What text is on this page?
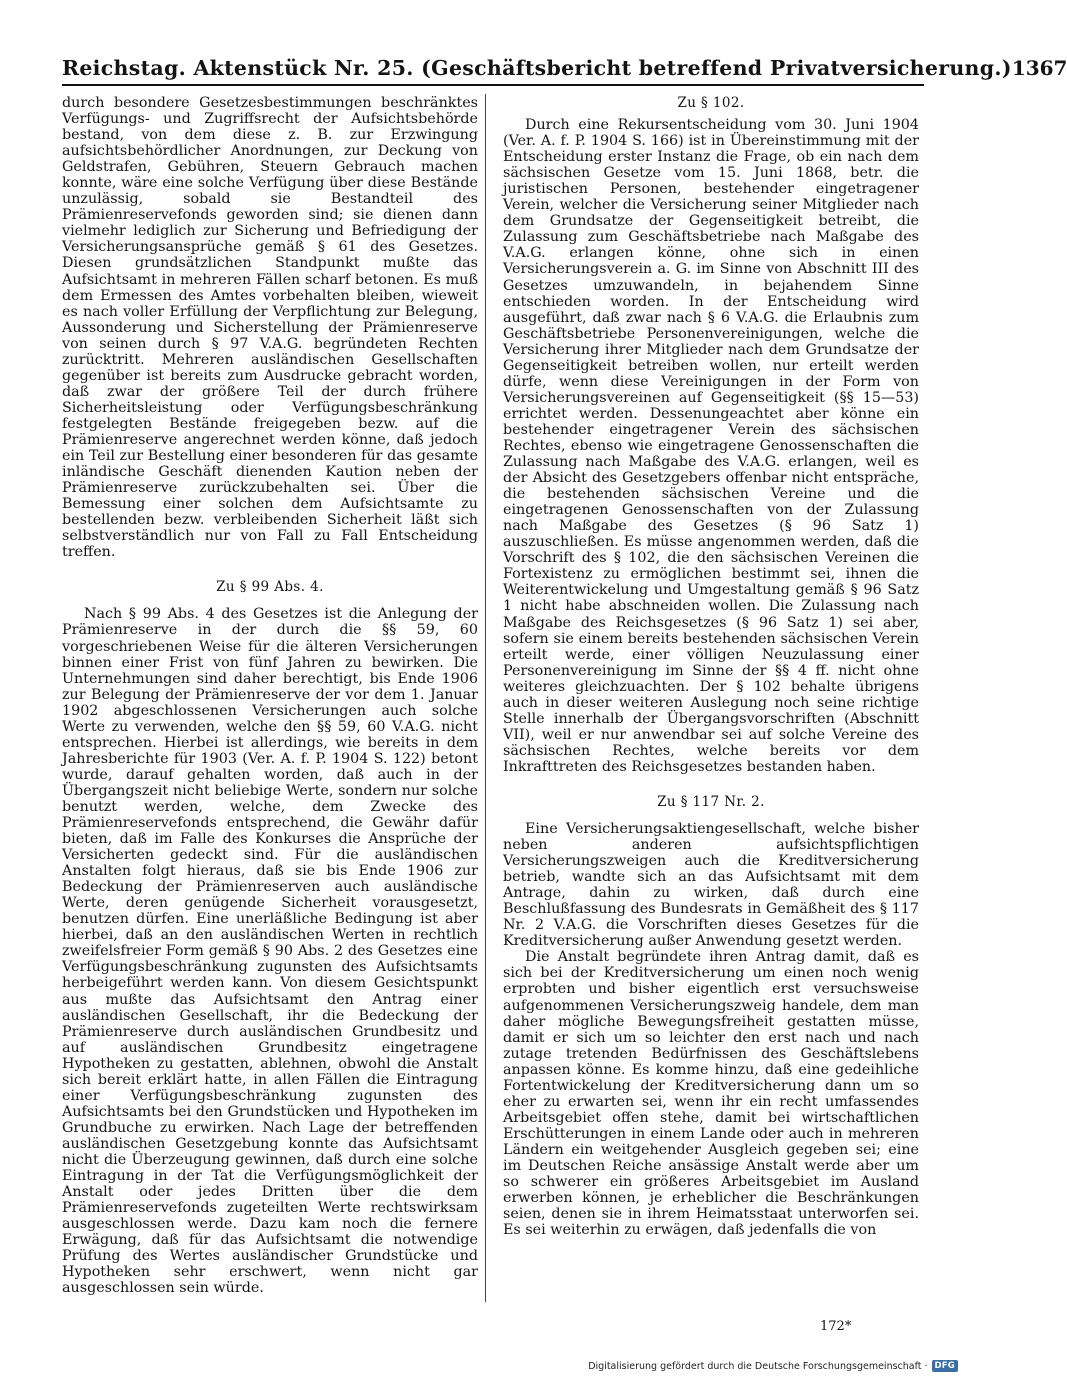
Reichstag. Aktenstück Nr. 25. (Geschäftsbericht betreffend Privatversicherung.) 1367

durch besondere Gesetzesbestimmungen beschränktes Verfügungs- und Zugriffsrecht der Aufsichtsbehörde bestand, von dem diese z. B. zur Erzwingung aufsichtsbehördlicher Anordnungen, zur Deckung von Geldstrafen, Gebühren, Steuern Gebrauch machen konnte, wäre eine solche Verfügung über diese Bestände unzulässig, sobald sie Bestandteil des Prämienreservefonds geworden sind; sie dienen dann vielmehr lediglich zur Sicherung und Befriedigung der Versicherungsansprüche gemäß § 61 des Gesetzes. Diesen grundsätzlichen Standpunkt mußte das Aufsichtsamt in mehreren Fällen scharf betonen. Es muß dem Ermessen des Amtes vorbehalten bleiben, wieweit es nach voller Erfüllung der Verpflichtung zur Belegung, Aussonderung und Sicherstellung der Prämienreserve von seinen durch § 97 V.A.G. begründeten Rechten zurücktritt. Mehreren ausländischen Gesellschaften gegenüber ist bereits zum Ausdrucke gebracht worden, daß zwar der größere Teil der durch frühere Sicherheitsleistung oder Verfügungsbeschränkung festgelegten Bestände freigegeben bezw. auf die Prämienreserve angerechnet werden könne, daß jedoch ein Teil zur Bestellung einer besonderen für das gesamte inländische Geschäft dienenden Kaution neben der Prämienreserve zurückzubehalten sei. Über die Bemessung einer solchen dem Aufsichtsamte zu bestellenden bezw. verbleibenden Sicherheit läßt sich selbstverständlich nur von Fall zu Fall Entscheidung treffen.

Zu § 99 Abs. 4.

Nach § 99 Abs. 4 des Gesetzes ist die Anlegung der Prämienreserve in der durch die §§ 59, 60 vorgeschriebenen Weise für die älteren Versicherungen binnen einer Frist von fünf Jahren zu bewirken. Die Unternehmungen sind daher berechtigt, bis Ende 1906 zur Belegung der Prämienreserve der vor dem 1. Januar 1902 abgeschlossenen Versicherungen auch solche Werte zu verwenden, welche den §§ 59, 60 V.A.G. nicht entsprechen. Hierbei ist allerdings, wie bereits in dem Jahresberichte für 1903 (Ver. A. f. P. 1904 S. 122) betont wurde, darauf gehalten worden, daß auch in der Übergangszeit nicht beliebige Werte, sondern nur solche benutzt werden, welche, dem Zwecke des Prämienreservefonds entsprechend, die Gewähr dafür bieten, daß im Falle des Konkurses die Ansprüche der Versicherten gedeckt sind. Für die ausländischen Anstalten folgt hieraus, daß sie bis Ende 1906 zur Bedeckung der Prämienreserven auch ausländische Werte, deren genügende Sicherheit vorausgesetzt, benutzen dürfen. Eine unerläßliche Bedingung ist aber hierbei, daß an den ausländischen Werten in rechtlich zweifelsfreier Form gemäß § 90 Abs. 2 des Gesetzes eine Verfügungsbeschränkung zugunsten des Aufsichtsamts herbeigeführt werden kann. Von diesem Gesichtspunkt aus mußte das Aufsichtsamt den Antrag einer ausländischen Gesellschaft, ihr die Bedeckung der Prämienreserve durch ausländischen Grundbesitz und auf ausländischen Grundbesitz eingetragene Hypotheken zu gestatten, ablehnen, obwohl die Anstalt sich bereit erklärt hatte, in allen Fällen die Eintragung einer Verfügungsbeschränkung zugunsten des Aufsichtsamts bei den Grundstücken und Hypotheken im Grundbuche zu erwirken. Nach Lage der betreffenden ausländischen Gesetzgebung konnte das Aufsichtsamt nicht die Überzeugung gewinnen, daß durch eine solche Eintragung in der Tat die Verfügungsmöglichkeit der Anstalt oder jedes Dritten über die dem Prämienreservefonds zugeteilten Werte rechtswirksam ausgeschlossen werde. Dazu kam noch die fernere Erwägung, daß für das Aufsichtsamt die notwendige Prüfung des Wertes ausländischer Grundstücke und Hypotheken sehr erschwert, wenn nicht gar ausgeschlossen sein würde.

Zu § 102.

Durch eine Rekursentscheidung vom 30. Juni 1904 (Ver. A. f. P. 1904 S. 166) ist in Übereinstimmung mit der Entscheidung erster Instanz die Frage, ob ein nach dem sächsischen Gesetze vom 15. Juni 1868, betr. die juristischen Personen, bestehender eingetragener Verein, welcher die Versicherung seiner Mitglieder nach dem Grundsatze der Gegenseitigkeit betreibt, die Zulassung zum Geschäftsbetriebe nach Maßgabe des V.A.G. erlangen könne, ohne sich in einen Versicherungsverein a. G. im Sinne von Abschnitt III des Gesetzes umzuwandeln, in bejahendem Sinne entschieden worden. In der Entscheidung wird ausgeführt, daß zwar nach § 6 V.A.G. die Erlaubnis zum Geschäftsbetriebe Personenvereinigungen, welche die Versicherung ihrer Mitglieder nach dem Grundsatze der Gegenseitigkeit betreiben wollen, nur erteilt werden dürfe, wenn diese Vereinigungen in der Form von Versicherungsvereinen auf Gegenseitigkeit (§§ 15—53) errichtet werden. Dessenungeachtet aber könne ein bestehender eingetragener Verein des sächsischen Rechtes, ebenso wie eingetragene Genossenschaften die Zulassung nach Maßgabe des V.A.G. erlangen, weil es der Absicht des Gesetzgebers offenbar nicht entspräche, die bestehenden sächsischen Vereine und die eingetragenen Genossenschaften von der Zulassung nach Maßgabe des Gesetzes (§ 96 Satz 1) auszuschließen. Es müsse angenommen werden, daß die Vorschrift des § 102, die den sächsischen Vereinen die Fortexistenz zu ermöglichen bestimmt sei, ihnen die Weiterentwickelung und Umgestaltung gemäß § 96 Satz 1 nicht habe abschneiden wollen. Die Zulassung nach Maßgabe des Reichsgesetzes (§ 96 Satz 1) sei aber, sofern sie einem bereits bestehenden sächsischen Verein erteilt werde, einer völligen Neuzulassung einer Personenvereinigung im Sinne der §§ 4 ff. nicht ohne weiteres gleichzuachten. Der § 102 behalte übrigens auch in dieser weiteren Auslegung noch seine richtige Stelle innerhalb der Übergangsvorschriften (Abschnitt VII), weil er nur anwendbar sei auf solche Vereine des sächsischen Rechtes, welche bereits vor dem Inkrafttreten des Reichsgesetzes bestanden haben.

Zu § 117 Nr. 2.

Eine Versicherungsaktiengesellschaft, welche bisher neben anderen aufsichtspflichtigen Versicherungszweigen auch die Kreditversicherung betrieb, wandte sich an das Aufsichtsamt mit dem Antrage, dahin zu wirken, daß durch eine Beschlußfassung des Bundesrats in Gemäßheit des § 117 Nr. 2 V.A.G. die Vorschriften dieses Gesetzes für die Kreditversicherung außer Anwendung gesetzt werden.

Die Anstalt begründete ihren Antrag damit, daß es sich bei der Kreditversicherung um einen noch wenig erprobten und bisher eigentlich erst versuchsweise aufgenommenen Versicherungszweig handele, dem man daher mögliche Bewegungsfreiheit gestatten müsse, damit er sich um so leichter den erst nach und nach zutage tretenden Bedürfnissen des Geschäftslebens anpassen könne. Es komme hinzu, daß eine gedeihliche Fortentwickelung der Kreditversicherung dann um so eher zu erwarten sei, wenn ihr ein recht umfassendes Arbeitsgebiet offen stehe, damit bei wirtschaftlichen Erschütterungen in einem Lande oder auch in mehreren Ländern ein weitgehender Ausgleich gegeben sei; eine im Deutschen Reiche ansässige Anstalt werde aber um so schwerer ein größeres Arbeitsgebiet im Ausland erwerben können, je erheblicher die Beschränkungen seien, denen sie in ihrem Heimatsstaat unterworfen sei. Es sei weiterhin zu erwägen, daß jedenfalls die von

172*
Digitalisierung gefördert durch die Deutsche Forschungsgemeinschaft · DFG
